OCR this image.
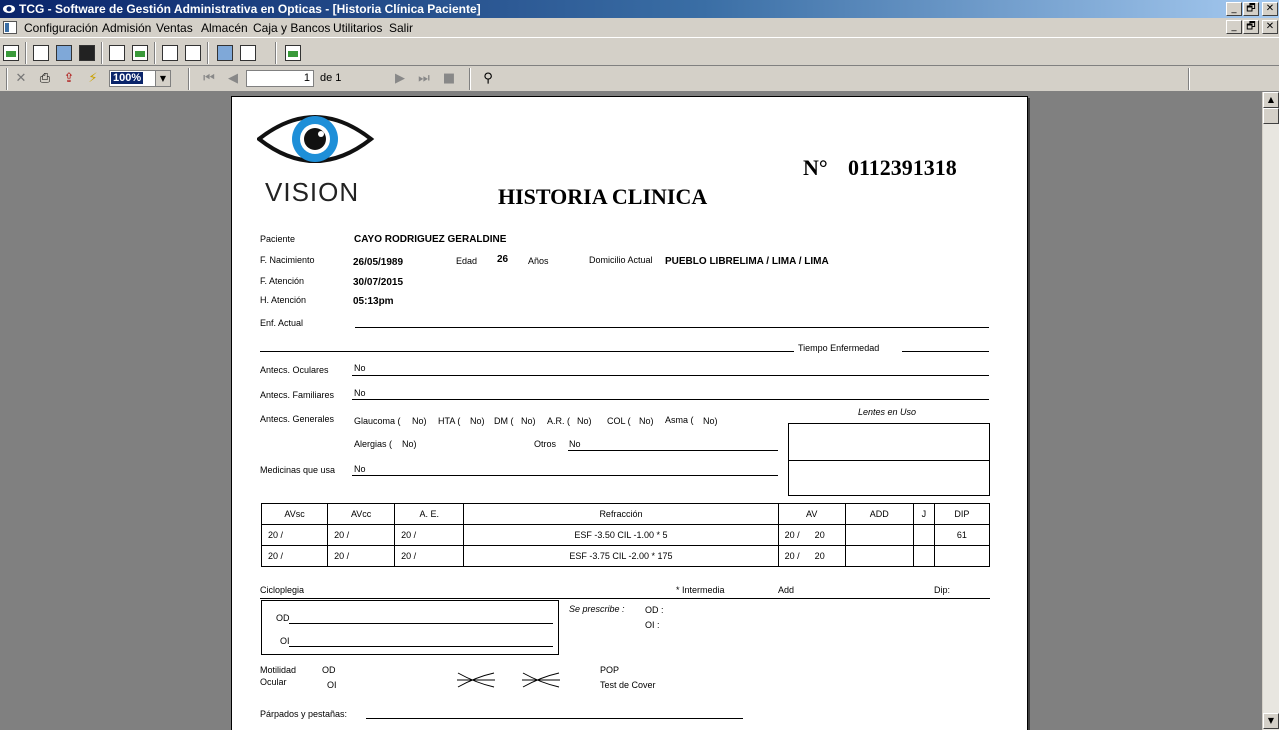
TCG - Software de Gestión Administrativa en Opticas - [Historia Clínica Paciente]	_ 🗗	✕
Configuración Admisión Ventas Almacén Caja y Bancos Utilitarios Salir	_ 🗗	✕
✕	⎙	⇪	⚡	100%	▼	⏮	◀	1 de 1	▶	⏭	■	⚲
▲
▼
VISION
N° 0112391318
HISTORIA CLINICA
Paciente	CAYO RODRIGUEZ GERALDINE
F. Nacimiento	26/05/1989	Edad 26 Años	Domicilio Actual PUEBLO LIBRELIMA / LIMA / LIMA
F. Atención	30/07/2015
H. Atención	05:13pm
Enf. Actual
Tiempo Enfermedad
Antecs. Oculares	No
Antecs. Familiares No
Antecs. Generales Glaucoma ( No) HTA ( No) DM ( No) A.R. ( No) COL ( No) Asma ( No)
Alergias ( No)	Otros No
Medicinas que usa No
Lentes en Uso
AVsc	AVcc	A. E.	Refracción	AV	ADD	J	DIP
20 /	20 /	20 /	ESF -3.50 CIL -1.00 * 5	20 /      20			61
20 /	20 /	20 /	ESF -3.75 CIL -2.00 * 175	20 /      20			
Cicloplegia	* Intermedia	Add	Dip:
OD
OI
Se prescribe : OD :
OI :
Motilidad
Ocular
OD
OI
POP
Test de Cover
Párpados y pestañas:
